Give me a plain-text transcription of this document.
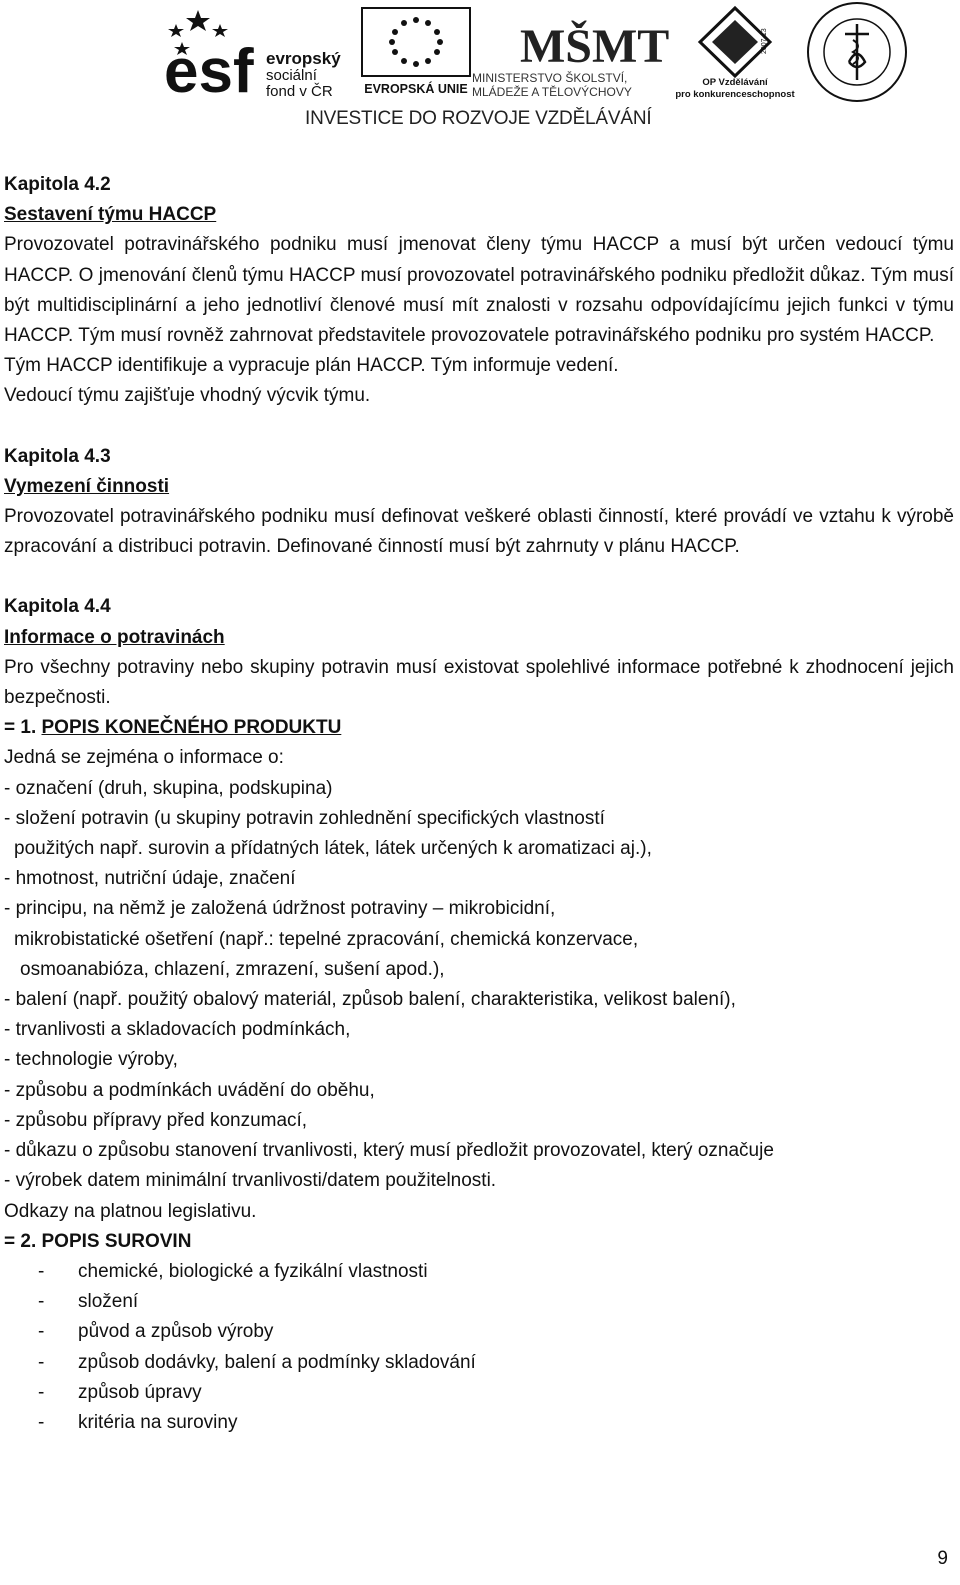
esf evropský
sociální
fond v ČR	EVROPSKÁ UNIE
MŠMT
MINISTERSTVO ŠKOLSTVÍ,
MLÁDEŽE A TĚLOVÝCHOVY
2007-13
OP Vzdělávání
pro konkurenceschopnost
INVESTICE DO ROZVOJE VZDĚLÁVÁNÍ

Kapitola 4.2

Sestavení týmu HACCP

Provozovatel potravinářského podniku musí jmenovat členy týmu HACCP a musí být určen vedoucí týmu HACCP. O jmenování členů týmu HACCP musí provozovatel potravinářského podniku předložit důkaz. Tým musí být multidisciplinární a jeho jednotliví členové musí mít znalosti v rozsahu odpovídajícímu jejich funkci v týmu HACCP. Tým musí rovněž zahrnovat představitele provozovatele potravinářského podniku pro systém HACCP.

Tým HACCP identifikuje a vypracuje plán HACCP. Tým informuje vedení.

Vedoucí týmu zajišťuje vhodný výcvik týmu.

Kapitola 4.3

Vymezení činnosti

Provozovatel potravinářského podniku musí definovat veškeré oblasti činností, které provádí ve vztahu k výrobě zpracování a distribuci potravin. Definované činností musí být zahrnuty v plánu HACCP.

Kapitola 4.4

Informace o potravinách

Pro všechny potraviny nebo skupiny potravin musí existovat spolehlivé informace potřebné k zhodnocení jejich bezpečnosti.

= 1. POPIS KONEČNÉHO PRODUKTU

Jedná se zejména o informace o:

- označení (druh, skupina, podskupina)

- složení potravin (u skupiny potravin zohlednění specifických vlastností

použitých např. surovin a přídatných látek, látek určených k aromatizaci aj.),

- hmotnost, nutriční údaje, značení

- principu, na němž je založená údržnost potraviny – mikrobicidní,

mikrobistatické ošetření (např.: tepelné zpracování, chemická konzervace,

osmoanabióza, chlazení, zmrazení, sušení apod.),

- balení (např. použitý obalový materiál, způsob balení, charakteristika, velikost balení),

- trvanlivosti a skladovacích podmínkách,

- technologie výroby,

- způsobu a podmínkách uvádění do oběhu,

- způsobu přípravy před konzumací,

- důkazu o způsobu stanovení trvanlivosti, který musí předložit provozovatel, který označuje

- výrobek datem minimální trvanlivosti/datem použitelnosti.

Odkazy na platnou legislativu.

= 2. POPIS SUROVIN

-	chemické, biologické a fyzikální vlastnosti
-	složení
-	původ a způsob výroby
-	způsob dodávky, balení a podmínky skladování
-	způsob úpravy
-	kritéria na suroviny
9
